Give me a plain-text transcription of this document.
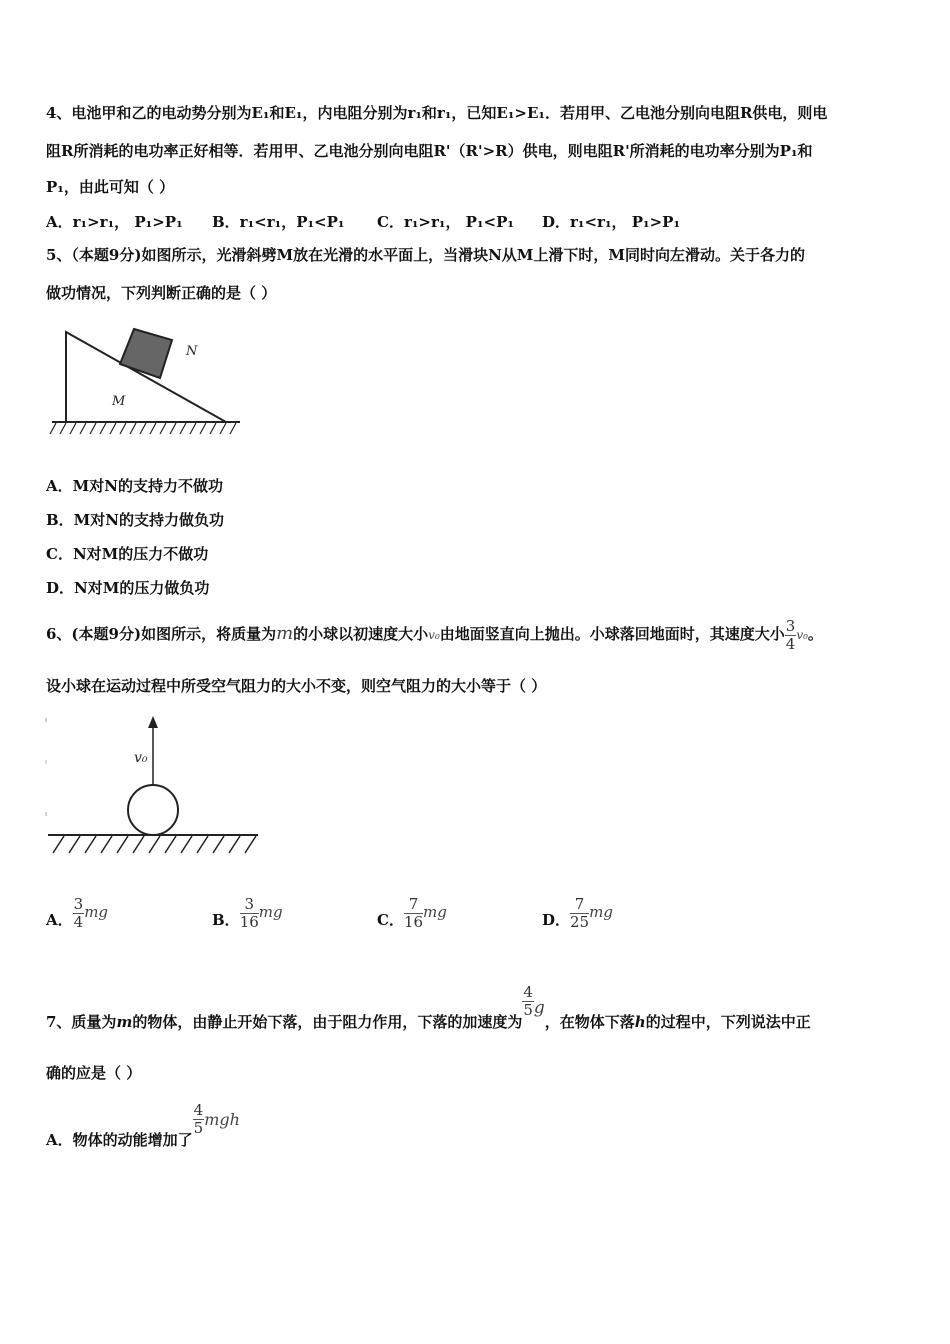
4、电池甲和乙的电动势分别为E₁和E₁，内电阻分别为r₁和r₁，已知E₁>E₁．若用甲、乙电池分别向电阻R供电，则电
阻R所消耗的电功率正好相等．若用甲、乙电池分别向电阻R'（R'>R）供电，则电阻R'所消耗的电功率分别为P₁和
P₁，由此可知（ ）
A．r₁>r₁， P₁>P₁ B．r₁<r₁，P₁<P₁ C．r₁>r₁， P₁<P₁ D．r₁<r₁， P₁>P₁
5、（本题9分)如图所示，光滑斜劈M放在光滑的水平面上，当滑块N从M上滑下时，M同时向左滑动。关于各力的
做功情况，下列判断正确的是（ ）
N
M
A．M对N的支持力不做功
B．M对N的支持力做负功
C．N对M的压力不做功
D．N对M的压力做负功
6、(本题9分)如图所示，将质量为m的小球以初速度大小v₀由地面竖直向上抛出。小球落回地面时，其速度大小 $\frac{3}{4} v_0$。
设小球在运动过程中所受空气阻力的大小不变，则空气阻力的大小等于（ ）
v₀
A． $\frac{3}{4}$ mg	B． $\frac{3}{16}$ mg	C． $\frac{7}{16}$ mg	D． $\frac{7}{25}$ mg
7、质量为m的物体，由静止开始下落，由于阻力作用，下落的加速度为
$\frac{4}{5}$ g，在物体下落h的过程中，下列说法中正
确的应是（ ）
A．物体的动能增加了
$\frac{4}{5}$ mgh
